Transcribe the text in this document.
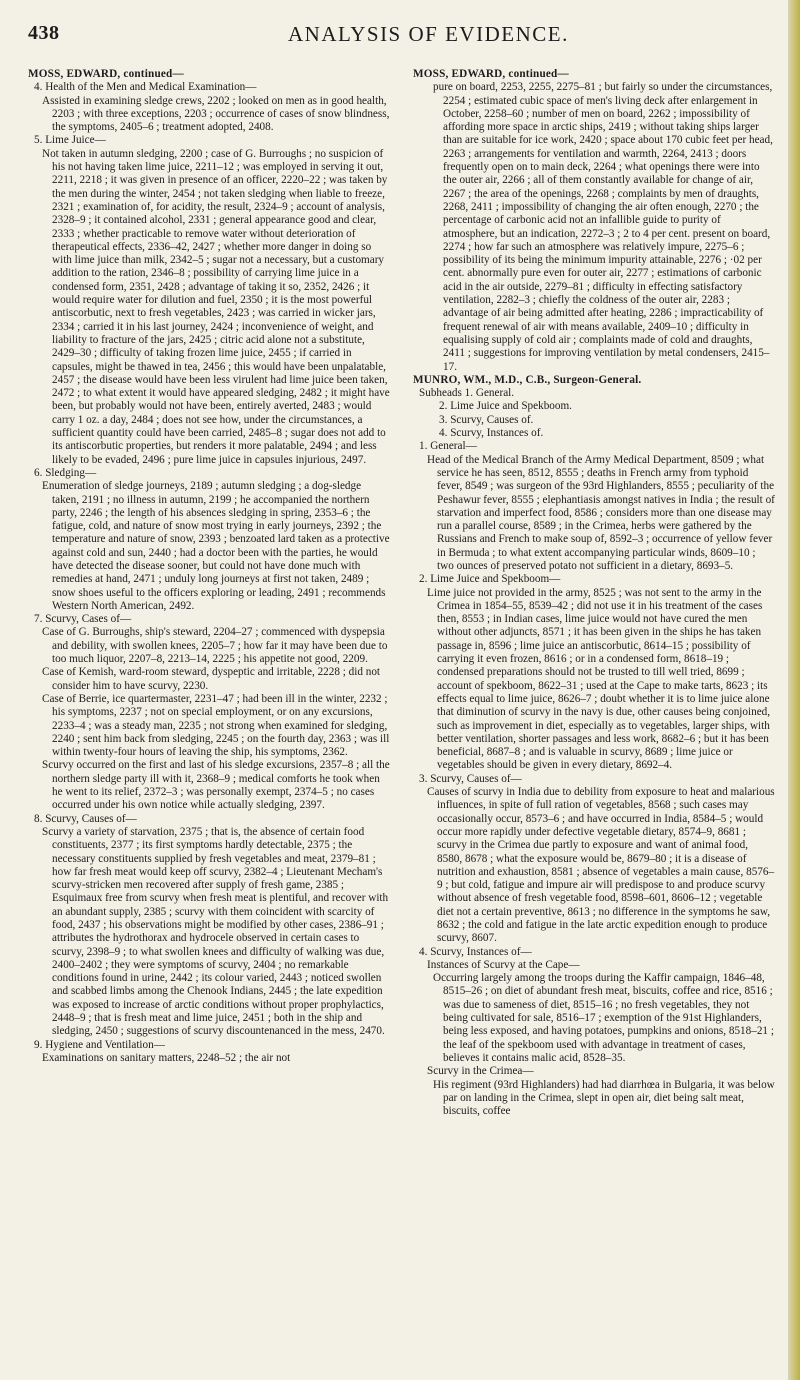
438	ANALYSIS OF EVIDENCE.

MOSS, EDWARD, continued—

4. Health of the Men and Medical Examination—

Assisted in examining sledge crews, 2202 ; looked on men as in good health, 2203 ; with three exceptions, 2203 ; occurrence of cases of snow blindness, the symptoms, 2405–6 ; treatment adopted, 2408.

5. Lime Juice—

Not taken in autumn sledging, 2200 ; case of G. Burroughs ; no suspicion of his not having taken lime juice, 2211–12 ; was employed in serving it out, 2211, 2218 ; it was given in presence of an officer, 2220–22 ; was taken by the men during the winter, 2454 ; not taken sledging when liable to freeze, 2321 ; examination of, for acidity, the result, 2324–9 ; account of analysis, 2328–9 ; it contained alcohol, 2331 ; general appearance good and clear, 2333 ; whether practicable to remove water without deterioration of therapeutical effects, 2336–42, 2427 ; whether more danger in doing so with lime juice than milk, 2342–5 ; sugar not a necessary, but a customary addition to the ration, 2346–8 ; possibility of carrying lime juice in a condensed form, 2351, 2428 ; advantage of taking it so, 2352, 2426 ; it would require water for dilution and fuel, 2350 ; it is the most powerful antiscorbutic, next to fresh vegetables, 2423 ; was carried in wicker jars, 2334 ; carried it in his last journey, 2424 ; inconvenience of weight, and liability to fracture of the jars, 2425 ; citric acid alone not a substitute, 2429–30 ; difficulty of taking frozen lime juice, 2455 ; if carried in capsules, might be thawed in tea, 2456 ; this would have been unpalatable, 2457 ; the disease would have been less virulent had lime juice been taken, 2472 ; to what extent it would have appeared sledging, 2482 ; it might have been, but probably would not have been, entirely averted, 2483 ; would carry 1 oz. a day, 2484 ; does not see how, under the circumstances, a sufficient quantity could have been carried, 2485–8 ; sugar does not add to its antiscorbutic properties, but renders it more palatable, 2494 ; and less likely to be evaded, 2496 ; pure lime juice in capsules injurious, 2497.

6. Sledging—

Enumeration of sledge journeys, 2189 ; autumn sledging ; a dog-sledge taken, 2191 ; no illness in autumn, 2199 ; he accompanied the northern party, 2246 ; the length of his absences sledging in spring, 2353–6 ; the fatigue, cold, and nature of snow most trying in early journeys, 2392 ; the temperature and nature of snow, 2393 ; benzoated lard taken as a protective against cold and sun, 2440 ; had a doctor been with the parties, he would have detected the disease sooner, but could not have done much with remedies at hand, 2471 ; unduly long journeys at first not taken, 2489 ; snow shoes useful to the officers exploring or leading, 2491 ; recommends Western North American, 2492.

7. Scurvy, Cases of—

Case of G. Burroughs, ship's steward, 2204–27 ; commenced with dyspepsia and debility, with swollen knees, 2205–7 ; how far it may have been due to too much liquor, 2207–8, 2213–14, 2225 ; his appetite not good, 2209.

Case of Kemish, ward-room steward, dyspeptic and irritable, 2228 ; did not consider him to have scurvy, 2230.

Case of Berrie, ice quartermaster, 2231–47 ; had been ill in the winter, 2232 ; his symptoms, 2237 ; not on special employment, or on any excursions, 2233–4 ; was a steady man, 2235 ; not strong when examined for sledging, 2240 ; sent him back from sledging, 2245 ; on the fourth day, 2363 ; was ill within twenty-four hours of leaving the ship, his symptoms, 2362.

Scurvy occurred on the first and last of his sledge excursions, 2357–8 ; all the northern sledge party ill with it, 2368–9 ; medical comforts he took when he went to its relief, 2372–3 ; was personally exempt, 2374–5 ; no cases occurred under his own notice while actually sledging, 2397.

8. Scurvy, Causes of—

Scurvy a variety of starvation, 2375 ; that is, the absence of certain food constituents, 2377 ; its first symptoms hardly detectable, 2375 ; the necessary constituents supplied by fresh vegetables and meat, 2379–81 ; how far fresh meat would keep off scurvy, 2382–4 ; Lieutenant Mecham's scurvy-stricken men recovered after supply of fresh game, 2385 ; Esquimaux free from scurvy when fresh meat is plentiful, and recover with an abundant supply, 2385 ; scurvy with them coincident with scarcity of food, 2437 ; his observations might be modified by other cases, 2386–91 ; attributes the hydrothorax and hydrocele observed in certain cases to scurvy, 2398–9 ; to what swollen knees and difficulty of walking was due, 2400–2402 ; they were symptoms of scurvy, 2404 ; no remarkable conditions found in urine, 2442 ; its colour varied, 2443 ; noticed swollen and scabbed limbs among the Chenook Indians, 2445 ; the late expedition was exposed to increase of arctic conditions without proper prophylactics, 2448–9 ; that is fresh meat and lime juice, 2451 ; both in the ship and sledging, 2450 ; suggestions of scurvy discountenanced in the mess, 2470.

9. Hygiene and Ventilation—

Examinations on sanitary matters, 2248–52 ; the air not

MOSS, EDWARD, continued—

pure on board, 2253, 2255, 2275–81 ; but fairly so under the circumstances, 2254 ; estimated cubic space of men's living deck after enlargement in October, 2258–60 ; number of men on board, 2262 ; impossibility of affording more space in arctic ships, 2419 ; without taking ships larger than are suitable for ice work, 2420 ; space about 170 cubic feet per head, 2263 ; arrangements for ventilation and warmth, 2264, 2413 ; doors frequently open on to main deck, 2264 ; what openings there were into the outer air, 2266 ; all of them constantly available for change of air, 2267 ; the area of the openings, 2268 ; complaints by men of draughts, 2268, 2411 ; impossibility of changing the air often enough, 2270 ; the percentage of carbonic acid not an infallible guide to purity of atmosphere, but an indication, 2272–3 ; 2 to 4 per cent. present on board, 2274 ; how far such an atmosphere was relatively impure, 2275–6 ; possibility of its being the minimum impurity attainable, 2276 ; ·02 per cent. abnormally pure even for outer air, 2277 ; estimations of carbonic acid in the air outside, 2279–81 ; difficulty in effecting satisfactory ventilation, 2282–3 ; chiefly the coldness of the outer air, 2283 ; advantage of air being admitted after heating, 2286 ; impracticability of frequent renewal of air with means available, 2409–10 ; difficulty in equalising supply of cold air ; complaints made of cold and draughts, 2411 ; suggestions for improving ventilation by metal condensers, 2415–17.

MUNRO, WM., M.D., C.B., Surgeon-General.

Subheads 1. General.

2. Lime Juice and Spekboom.

3. Scurvy, Causes of.

4. Scurvy, Instances of.

1. General—

Head of the Medical Branch of the Army Medical Department, 8509 ; what service he has seen, 8512, 8555 ; deaths in French army from typhoid fever, 8549 ; was surgeon of the 93rd Highlanders, 8555 ; peculiarity of the Peshawur fever, 8555 ; elephantiasis amongst natives in India ; the result of starvation and imperfect food, 8586 ; considers more than one disease may run a parallel course, 8589 ; in the Crimea, herbs were gathered by the Russians and French to make soup of, 8592–3 ; occurrence of yellow fever in Bermuda ; to what extent accompanying particular winds, 8609–10 ; two ounces of preserved potato not sufficient in a dietary, 8693–5.

2. Lime Juice and Spekboom—

Lime juice not provided in the army, 8525 ; was not sent to the army in the Crimea in 1854–55, 8539–42 ; did not use it in his treatment of the cases then, 8553 ; in Indian cases, lime juice would not have cured the men without other adjuncts, 8571 ; it has been given in the ships he has taken passage in, 8596 ; lime juice an antiscorbutic, 8614–15 ; possibility of carrying it even frozen, 8616 ; or in a condensed form, 8618–19 ; condensed preparations should not be trusted to till well tried, 8699 ; account of spekboom, 8622–31 ; used at the Cape to make tarts, 8623 ; its effects equal to lime juice, 8626–7 ; doubt whether it is to lime juice alone that diminution of scurvy in the navy is due, other causes being conjoined, such as improvement in diet, especially as to vegetables, larger ships, with better ventilation, shorter passages and less work, 8682–6 ; but it has been beneficial, 8687–8 ; and is valuable in scurvy, 8689 ; lime juice or vegetables should be given in every dietary, 8692–4.

3. Scurvy, Causes of—

Causes of scurvy in India due to debility from exposure to heat and malarious influences, in spite of full ration of vegetables, 8568 ; such cases may occasionally occur, 8573–6 ; and have occurred in India, 8584–5 ; would occur more rapidly under defective vegetable dietary, 8574–9, 8681 ; scurvy in the Crimea due partly to exposure and want of animal food, 8580, 8678 ; what the exposure would be, 8679–80 ; it is a disease of nutrition and exhaustion, 8581 ; absence of vegetables a main cause, 8576–9 ; but cold, fatigue and impure air will predispose to and produce scurvy without absence of fresh vegetable food, 8598–601, 8606–12 ; vegetable diet not a certain preventive, 8613 ; no difference in the symptoms he saw, 8632 ; the cold and fatigue in the late arctic expedition enough to produce scurvy, 8607.

4. Scurvy, Instances of—

Instances of Scurvy at the Cape—

Occurring largely among the troops during the Kaffir campaign, 1846–48, 8515–26 ; on diet of abundant fresh meat, biscuits, coffee and rice, 8516 ; was due to sameness of diet, 8515–16 ; no fresh vegetables, they not being cultivated for sale, 8516–17 ; exemption of the 91st Highlanders, being less exposed, and having potatoes, pumpkins and onions, 8518–21 ; the leaf of the spekboom used with advantage in treatment of cases, believes it contains malic acid, 8528–35.

Scurvy in the Crimea—

His regiment (93rd Highlanders) had had diarrhœa in Bulgaria, it was below par on landing in the Crimea, slept in open air, diet being salt meat, biscuits, coffee
